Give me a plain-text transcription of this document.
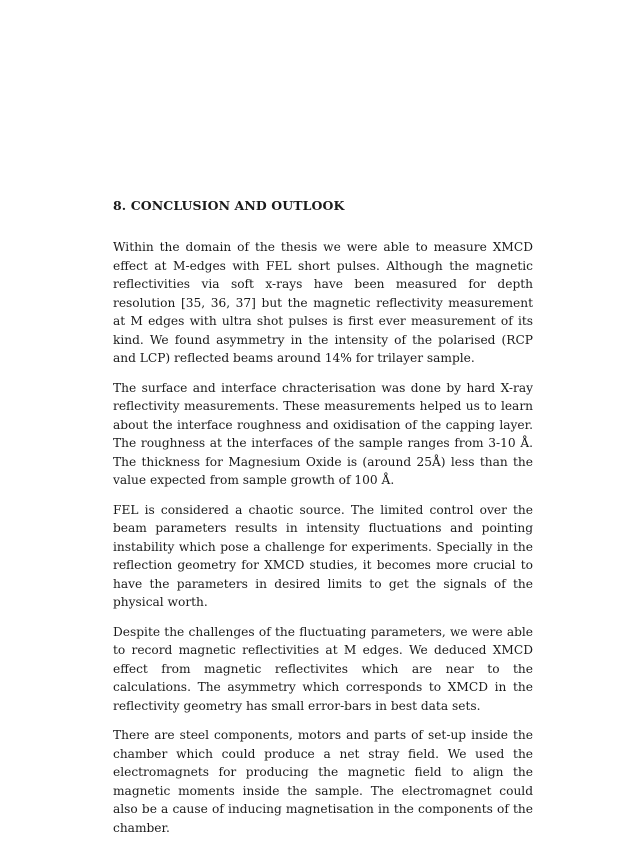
8. CONCLUSION AND OUTLOOK

Within the domain of the thesis we were able to measure XMCD effect at M-edges with FEL short pulses. Although the magnetic reflectivities via soft x-rays have been measured for depth resolution [35, 36, 37] but the magnetic reflectivity measurement at M edges with ultra shot pulses is first ever measurement of its kind. We found asymmetry in the intensity of the polarised (RCP and LCP) reflected beams around 14% for trilayer sample.

The surface and interface chracterisation was done by hard X-ray reflectivity measurements. These measurements helped us to learn about the interface roughness and oxidisation of the capping layer. The roughness at the interfaces of the sample ranges from 3-10 Å. The thickness for Magnesium Oxide is (around 25Å) less than the value expected from sample growth of 100 Å.

FEL is considered a chaotic source. The limited control over the beam parameters results in intensity fluctuations and pointing instability which pose a challenge for experiments. Specially in the reflection geometry for XMCD studies, it becomes more crucial to have the parameters in desired limits to get the signals of the physical worth.

Despite the challenges of the fluctuating parameters, we were able to record magnetic reflectivities at M edges. We deduced XMCD effect from magnetic reflectivites which are near to the calculations. The asymmetry which corresponds to XMCD in the reflectivity geometry has small error-bars in best data sets.

There are steel components, motors and parts of set-up inside the chamber which could produce a net stray field. We used the electromagnets for producing the magnetic field to align the magnetic moments inside the sample. The electromagnet could also be a cause of inducing magnetisation in the components of the chamber.
